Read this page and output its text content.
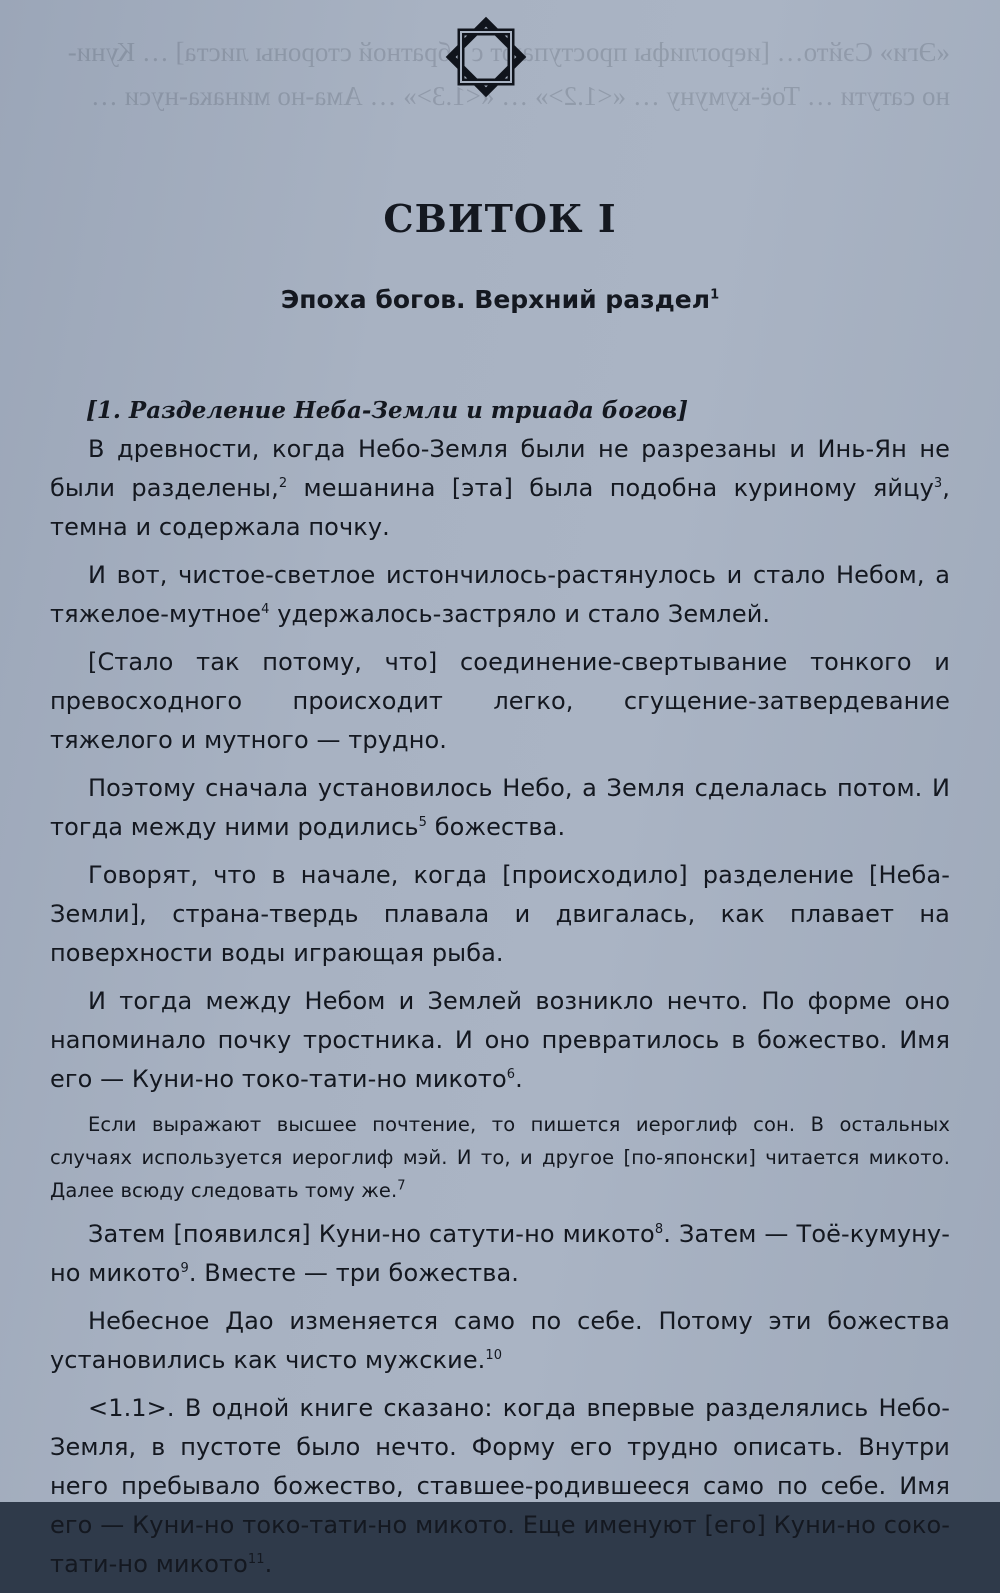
«Эги» Сэйто… [иероглифы проступают с обратной стороны листа] … Куни-но сатути … Тоё-кумуну … «<1.2>» … «<1.3>» … Ама-но минака-нуси …
СВИТОК I
Эпоха богов. Верхний раздел$^1$
[1. Разделение Неба-Земли и триада богов]

В древности, когда Небо-Земля были не разрезаны и Инь-Ян не были разделены,$^2$ мешанина [эта] была подобна куриному яйцу$^3$, темна и содержала почку.

И вот, чистое-светлое истончилось-растянулось и стало Небом, а тяжелое-мутное$^4$ удержалось-застряло и стало Землей.

[Стало так потому, что] соединение-свертывание тонкого и превосходного происходит легко, сгущение-затвердевание тяжелого и мутного — трудно.

Поэтому сначала установилось Небо, а Земля сделалась потом. И тогда между ними родились$^5$ божества.

Говорят, что в начале, когда [происходило] разделение [Неба-Земли], страна-твердь плавала и двигалась, как плавает на поверхности воды играющая рыба.

И тогда между Небом и Землей возникло нечто. По форме оно напоминало почку тростника. И оно превратилось в божество. Имя его — Куни-но токо-тати-но микото$^6$.

Если выражают высшее почтение, то пишется иероглиф сон. В остальных случаях используется иероглиф мэй. И то, и другое [по-японски] читается микото. Далее всюду следовать тому же.$^7$

Затем [появился] Куни-но сатути-но микото$^8$. Затем — Тоё-кумуну-но микото$^9$. Вместе — три божества.

Небесное Дао изменяется само по себе. Потому эти божества установились как чисто мужские.$^{10}$

<1.1>. В одной книге сказано: когда впервые разделялись Небо-Земля, в пустоте было нечто. Форму его трудно описать. Внутри него пребывало божество, ставшее-родившееся само по себе. Имя его — Куни-но токо-тати-но микото. Еще именуют [его] Куни-но соко-тати-но микото$^{11}$.
